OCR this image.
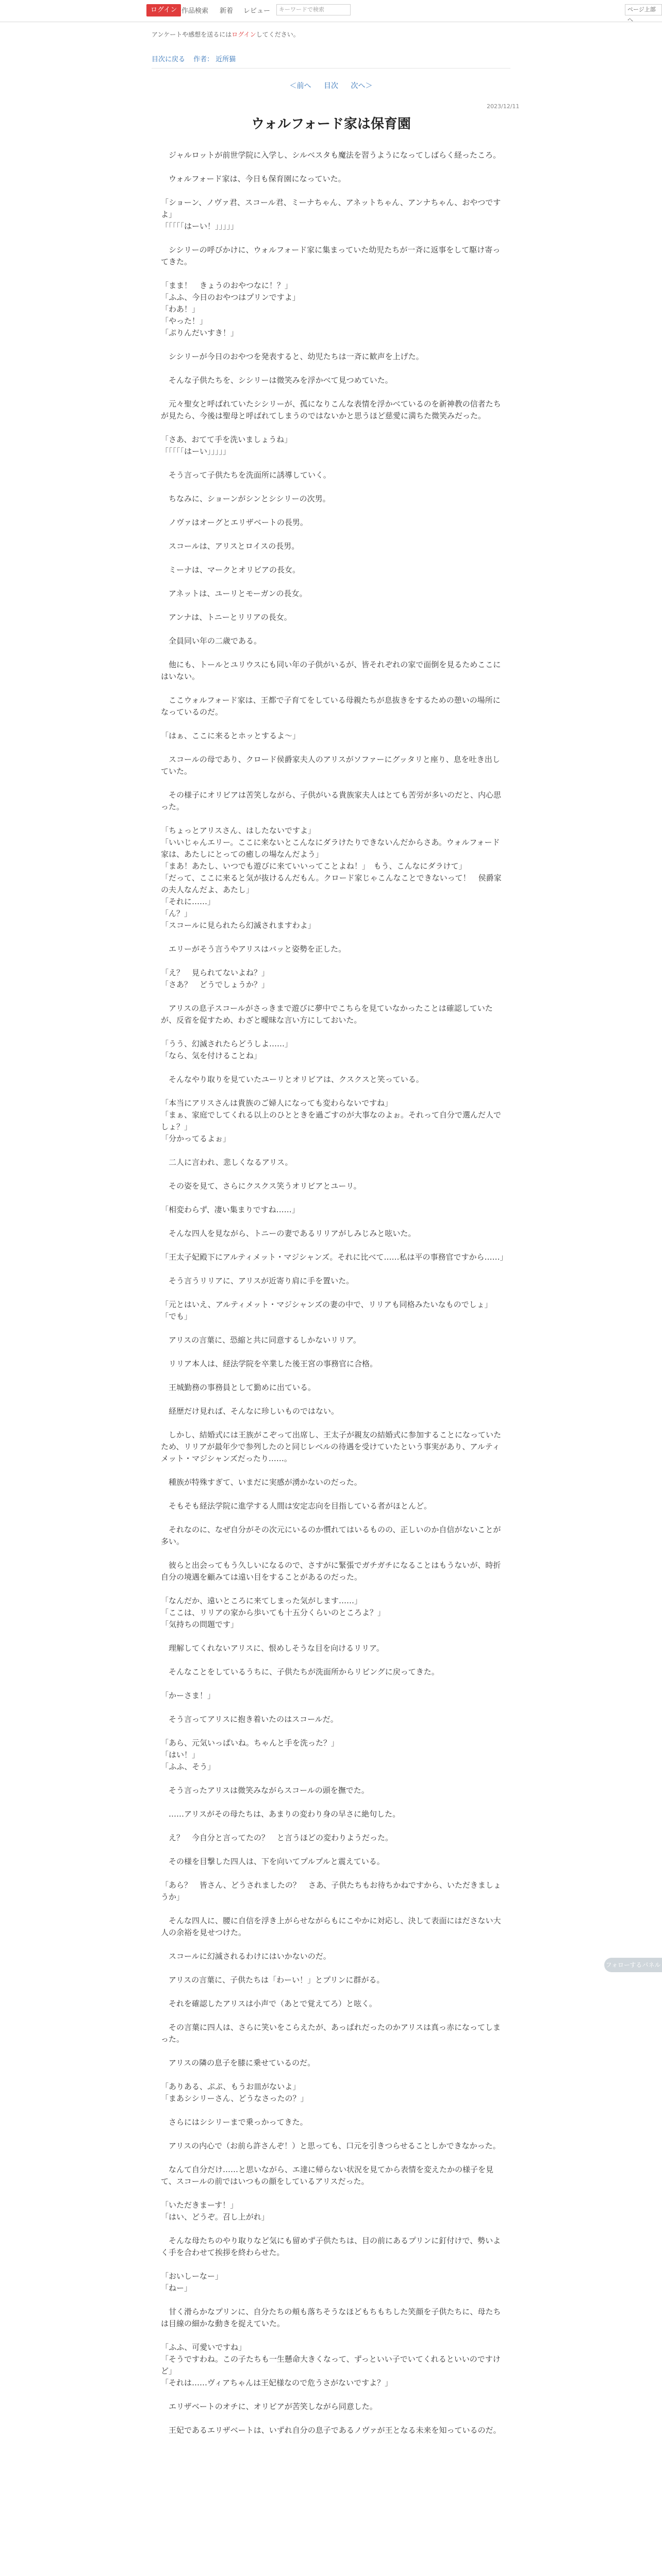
ログイン 作品検索 新着 レビュー	キーワードで検索	ページ上部へ
アンケートや感想を送るにはログインしてください。
目次に戻る 作者： 近所猫
＜前へ 目次 次へ＞
2023/12/11
ウォルフォード家は保育園

　ジャルロットが前世学院に入学し、シルベスタも魔法を習うようになってしばらく経ったころ。

　ウォルフォード家は、今日も保育園になっていた。

「ショーン、ノヴァ君、スコール君、ミーナちゃん、アネットちゃん、アンナちゃん、おやつですよ」
「「「「「はーい！」」」」」

　シシリーの呼びかけに、ウォルフォード家に集まっていた幼児たちが一斉に返事をして駆け寄ってきた。

「まま！　きょうのおやつなに！？」
「ふふ、今日のおやつはプリンですよ」
「わあ！」
「やった！」
「ぷりんだいすき！」

　シシリーが今日のおやつを発表すると、幼児たちは一斉に歓声を上げた。

　そんな子供たちを、シシリーは微笑みを浮かべて見つめていた。

　元々聖女と呼ばれていたシシリーが、孤になりこんな表情を浮かべているのを新神教の信者たちが見たら、今後は聖母と呼ばれてしまうのではないかと思うほど慈愛に満ちた微笑みだった。

「さあ、おてて手を洗いましょうね」
「「「「「はーい」」」」」

　そう言って子供たちを洗面所に誘導していく。

　ちなみに、ショーンがシンとシシリーの次男。

　ノヴァはオーグとエリザベートの長男。

　スコールは、アリスとロイスの長男。

　ミーナは、マークとオリビアの長女。

　アネットは、ユーリとモーガンの長女。

　アンナは、トニーとリリアの長女。

　全員同い年の二歳である。

　他にも、トールとユリウスにも同い年の子供がいるが、皆それぞれの家で面倒を見るためここにはいない。

　ここウォルフォード家は、王都で子育てをしている母親たちが息抜きをするための憩いの場所になっているのだ。

「はぁ、ここに来るとホッとするよ～」

　スコールの母であり、クロード侯爵家夫人のアリスがソファーにグッタリと座り、息を吐き出していた。

　その様子にオリビアは苦笑しながら、子供がいる貴族家夫人はとても苦労が多いのだと、内心思った。

「ちょっとアリスさん、はしたないですよ」
「いいじゃんエリー。ここに来ないとこんなにダラけたりできないんだからさあ。ウォルフォード家は、あたしにとっての癒しの場なんだよう」
「まあ！あたし、いつでも遊びに来ていいってことよね！」　もう、こんなにダラけて」
「だって、ここに来ると気が抜けるんだもん。クロード家じゃこんなことできないって！　侯爵家の夫人なんだよ、あたし」
「それに……」
「ん？」
「スコールに見られたら幻滅されますわよ」

　エリーがそう言うやアリスはバッと姿勢を正した。

「え？　見られてないよね？」
「さあ？　どうでしょうか？」

　アリスの息子スコールがさっきまで遊びに夢中でこちらを見ていなかったことは確認していたが、反省を促すため、わざと曖昧な言い方にしておいた。

「うう、幻滅されたらどうしよ……」
「なら、気を付けることね」

　そんなやり取りを見ていたユーリとオリビアは、クスクスと笑っている。

「本当にアリスさんは貴族のご婦人になっても変わらないですね」
「まぁ、家庭でしてくれる以上のひとときを過ごすのが大事なのよぉ。それって自分で選んだ人でしょ？」
「分かってるよぉ」

　二人に言われ、悲しくなるアリス。

　その姿を見て、さらにクスクス笑うオリビアとユーリ。

「相変わらず、凄い集まりですね……」

　そんな四人を見ながら、トニーの妻であるリリアがしみじみと呟いた。

「王太子妃殿下にアルティメット・マジシャンズ。それに比べて……私は平の事務官ですから……」

　そう言うリリアに、アリスが近寄り肩に手を置いた。

「元とはいえ、アルティメット・マジシャンズの妻の中で、リリアも同格みたいなものでしょ」
「でも」

　アリスの言葉に、恐縮と共に同意するしかないリリア。

　リリア本人は、経法学院を卒業した後王宮の事務官に合格。

　王城勤務の事務員として勤めに出ている。

　経歴だけ見れば、そんなに珍しいものではない。

　しかし、結婚式には王族がこぞって出席し、王太子が親友の結婚式に参加することになっていたため、リリアが最年少で参列したのと同じレベルの待遇を受けていたという事実があり、アルティメット・マジシャンズだったり……。

　種族が特殊すぎて、いまだに実感が湧かないのだった。

　そもそも経法学院に進学する人間は安定志向を目指している者がほとんど。

　それなのに、なぜ自分がその次元にいるのか慣れてはいるものの、正しいのか自信がないことが多い。

　彼らと出会ってもう久しいになるので、さすがに緊張でガチガチになることはもうないが、時折自分の境遇を顧みては遠い目をすることがあるのだった。

「なんだか、遠いところに来てしまった気がします……」
「ここは、リリアの家から歩いても十五分くらいのところよ？」
「気持ちの問題です」

　理解してくれないアリスに、恨めしそうな目を向けるリリア。

　そんなことをしているうちに、子供たちが洗面所からリビングに戻ってきた。

「かーさま！」

　そう言ってアリスに抱き着いたのはスコールだ。

「あら、元気いっぱいね。ちゃんと手を洗った？」
「はい！」
「ふふ、そう」

　そう言ったアリスは微笑みながらスコールの頭を撫でた。

　……アリスがその母たちは、あまりの変わり身の早さに絶句した。

　え？　今自分と言ってたの？　と言うほどの変わりようだった。

　その様を目撃した四人は、下を向いてプルプルと震えている。

「あら？　皆さん、どうされましたの？　さあ、子供たちもお待ちかねですから、いただきましょうか」

　そんな四人に、腰に自信を浮き上がらせながらもにこやかに対応し、決して表面にはださない大人の余裕を見せつけた。

　スコールに幻滅されるわけにはいかないのだ。

　アリスの言葉に、子供たちは「わーい！」とプリンに群がる。

　それを確認したアリスは小声で（あとで覚えてろ）と呟く。

　その言葉に四人は、さらに笑いをこらえたが、あっぱれだったのかアリスは真っ赤になってしまった。

　アリスの隣の息子を膝に乗せているのだ。

「ありある、ぷぷ、もうお皿がないよ」
「まあシシリーさん、どうなさったの？」

　さらにはシシリーまで乗っかってきた。

　アリスの内心で（お前ら許さんぞ！）と思っても、口元を引きつらせることしかできなかった。

　なんて自分だけ……と思いながら、エ達に帰らない状況を見てから表情を変えたかの様子を見て、スコールの前ではいつもの顔をしているアリスだった。

「いただきまーす！」
「はい、どうぞ。召し上がれ」

　そんな母たちのやり取りなど気にも留めず子供たちは、目の前にあるプリンに釘付けで、勢いよく手を合わせて挨拶を終わらせた。

「おいしーなー」
「ねー」

　甘く滑らかなプリンに、自分たちの頬も落ちそうなほどもちもちした笑顔を子供たちに、母たちは目線の細かな動きを捉えていた。

「ふふ、可愛いですね」
「そうですわね。この子たちも一生懸命大きくなって、ずっといい子でいてくれるといいのですけど」
「それは……ヴィアちゃんは王妃様なので危うさがないですよ？」

　エリザベートのオチに、オリビアが苦笑しながら同意した。

　王妃であるエリザベートは、いずれ自分の息子であるノヴァが王となる未来を知っているのだ。

フォローするパネル
